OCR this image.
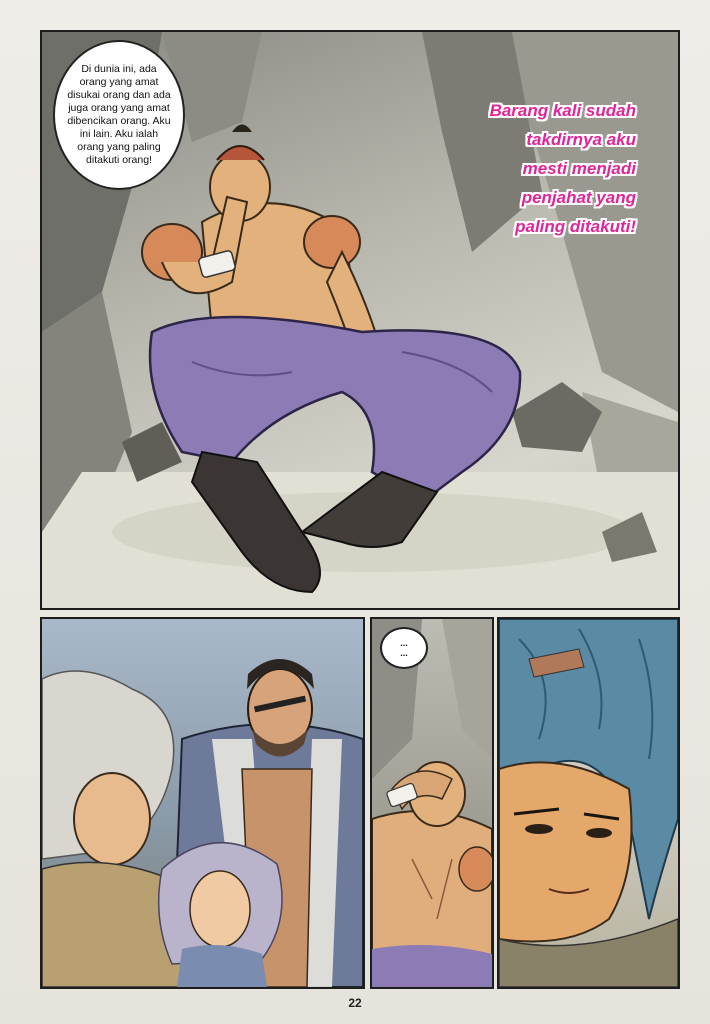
Barang kali sudah takdirnya aku mesti menjadi penjahat yang paling ditakuti!
Di dunia ini, ada orang yang amat disukai orang dan ada juga orang yang amat dibencikan orang. Aku ini lain. Aku ialah orang yang paling ditakuti orang!
...
...
22
